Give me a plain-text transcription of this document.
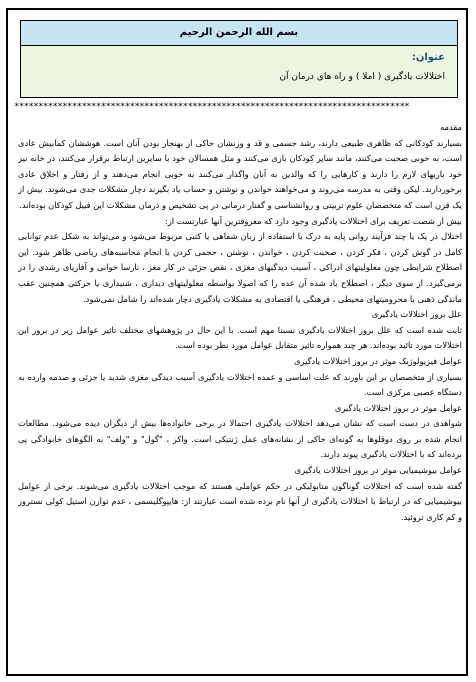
بسم الله الرحمن الرحيم
عنوان:
اختلالات يادگيری ( املا ) و راه های درمان آن
**********************************************************************************

مقدمه

بسیارند کودکانی که ظاهری طبیعی دارند، رشد جسمی و قد و وزنشان حاکی از بهنجار بودن آنان است. هوششان کمابیش عادی است، به خوبی صحبت می‌کنند، مانند سایر کودکان بازی می‌کنند و مثل همسالان خود با سایرین ارتباط برقرار می‌کنند، در خانه نیز خود باریهای لازم را دارند و کارهایی را که والدین به آنان واگذار می‌کنند به خوبی انجام می‌دهند و از رفتار و اخلاق عادی برخوردارند. لیکن وقتی به مدرسه می‌روند و می‌خواهند خواندن و نوشتن و حساب یاد بگیرند دچار مشکلات جدی می‌شوند. بیش از یک قرن است که متخصصان علوم تربیتی و روانشناسی و گفتار درمانی در پی تشخیص و درمان مشکلات این قبیل کودکان بوده‌اند.

بیش از شصت تعریف برای اختلالات یادگیری وجود دارد که معروفترین آنها عبارتست از:

اختلال در یک یا چند فرآیند روانی پایه به درک یا استفاده از زبان شفاهی یا کتبی مربوط می‌شود و می‌تواند به شکل عدم توانایی کامل در گوش کردن ، فکر کردن ، صحبت کردن ، خواندن ، نوشتن ، حجمی کردن یا انجام محاسبه‌های ریاضی ظاهر شود. این اصطلاح شرایطی چون معلولیتهای ادراکی ، آسیب دیدگیهای مغزی ، نقص جزئی در کار مغز ، نارسا خوانی و آفازیای رشدی را در برمی‌گیرد. از سوی دیگر ، اصطلاح یاد شده آن عده را که اصولا بواسطه معلولیتهای دیداری ، شنیداری یا حرکتی همچنین عقب ماندگی ذهنی یا محرومیتهای محیطی ، فرهنگی یا اقتصادی به مشکلات یادگیری دچار شده‌اند را شامل نمی‌شود.

علل بروز اختلالات یادگیری

ثابت شده است که علل بروز اختلالات یادگیری نسبتا مهم است. با این حال در پژوهشهای مختلف تاثیر عوامل زیر در بروز این اختلالات مورد تائید بوده‌اند. هر چند همواره تاثیر متقابل عوامل مورد نظر بوده است.

عوامل فیزیولوژیک موثر در بروز اختلالات یادگیری

بسیاری از متخصصان بر این باورند که علت اساسی و عمده اختلالات یادگیری آسیب دیدگی مغزی شدید یا جزئی و صدمه وارده به دستگاه عصبی مرکزی است.

عوامل موثر در بروز اختلالات یادگیری

شواهدی در دست است که نشان می‌دهد اختلالات یادگیری احتمالا در برخی خانواده‌ها بیش از دیگران دیده می‌شود. مطالعات انجام شده بر روی دوقلوها به گونه‌ای حاکی از نشانه‌های عمل ژنتیکی است. واکر ، "گول" و "ولف" به الگوهای خانوادگی پی برده‌اند که با اختلالات یادگیری پیوند دارند.

عوامل بیوشیمیایی موثر در بروز اختلالات یادگیری

گفته شده است که اختلالات گوناگون متابولیکی در حکم عواملی هستند که موجب اختلالات یادگیری می‌شوند. برخی از عوامل بیوشیمیایی که در ارتباط با اختلالات یادگیری از آنها نام برده شده است عبارتند از: هایپوگلیسمی ، عدم توازن استیل کولی نستروز و کم کاری تروئید.
